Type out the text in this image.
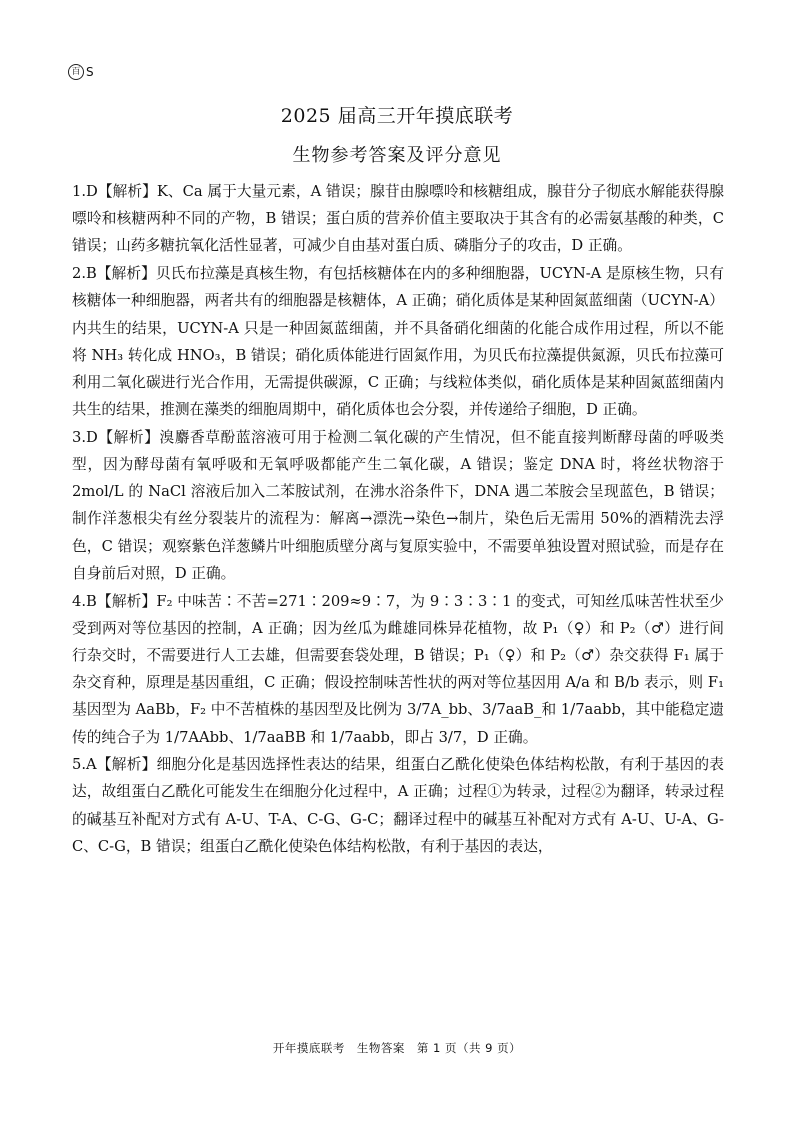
百 S
2025 届高三开年摸底联考
生物参考答案及评分意见

1.D【解析】K、Ca 属于大量元素，A 错误；腺苷由腺嘌呤和核糖组成，腺苷分子彻底水解能获得腺嘌呤和核糖两种不同的产物，B 错误；蛋白质的营养价值主要取决于其含有的必需氨基酸的种类，C 错误；山药多糖抗氧化活性显著，可减少自由基对蛋白质、磷脂分子的攻击，D 正确。

2.B【解析】贝氏布拉藻是真核生物，有包括核糖体在内的多种细胞器，UCYN-A 是原核生物，只有核糖体一种细胞器，两者共有的细胞器是核糖体，A 正确；硝化质体是某种固氮蓝细菌（UCYN-A）内共生的结果，UCYN-A 只是一种固氮蓝细菌，并不具备硝化细菌的化能合成作用过程，所以不能将 NH₃ 转化成 HNO₃，B 错误；硝化质体能进行固氮作用，为贝氏布拉藻提供氮源，贝氏布拉藻可利用二氧化碳进行光合作用，无需提供碳源，C 正确；与线粒体类似，硝化质体是某种固氮蓝细菌内共生的结果，推测在藻类的细胞周期中，硝化质体也会分裂，并传递给子细胞，D 正确。

3.D【解析】溴麝香草酚蓝溶液可用于检测二氧化碳的产生情况，但不能直接判断酵母菌的呼吸类型，因为酵母菌有氧呼吸和无氧呼吸都能产生二氧化碳，A 错误；鉴定 DNA 时，将丝状物溶于 2mol/L 的 NaCl 溶液后加入二苯胺试剂，在沸水浴条件下，DNA 遇二苯胺会呈现蓝色，B 错误；制作洋葱根尖有丝分裂装片的流程为：解离→漂洗→染色→制片，染色后无需用 50%的酒精洗去浮色，C 错误；观察紫色洋葱鳞片叶细胞质壁分离与复原实验中，不需要单独设置对照试验，而是存在自身前后对照，D 正确。

4.B【解析】F₂ 中味苦∶不苦=271∶209≈9∶7，为 9∶3∶3∶1 的变式，可知丝瓜味苦性状至少受到两对等位基因的控制，A 正确；因为丝瓜为雌雄同株异花植物，故 P₁（♀）和 P₂（♂）进行间行杂交时，不需要进行人工去雄，但需要套袋处理，B 错误；P₁（♀）和 P₂（♂）杂交获得 F₁ 属于杂交育种，原理是基因重组，C 正确；假设控制味苦性状的两对等位基因用 A/a 和 B/b 表示，则 F₁ 基因型为 AaBb，F₂ 中不苦植株的基因型及比例为 3/7A_bb、3/7aaB_和 1/7aabb，其中能稳定遗传的纯合子为 1/7AAbb、1/7aaBB 和 1/7aabb，即占 3/7，D 正确。

5.A【解析】细胞分化是基因选择性表达的结果，组蛋白乙酰化使染色体结构松散，有利于基因的表达，故组蛋白乙酰化可能发生在细胞分化过程中，A 正确；过程①为转录，过程②为翻译，转录过程的碱基互补配对方式有 A-U、T-A、C-G、G-C；翻译过程中的碱基互补配对方式有 A-U、U-A、G-C、C-G，B 错误；组蛋白乙酰化使染色体结构松散，有利于基因的表达，

开年摸底联考　生物答案　第 1 页（共 9 页）
